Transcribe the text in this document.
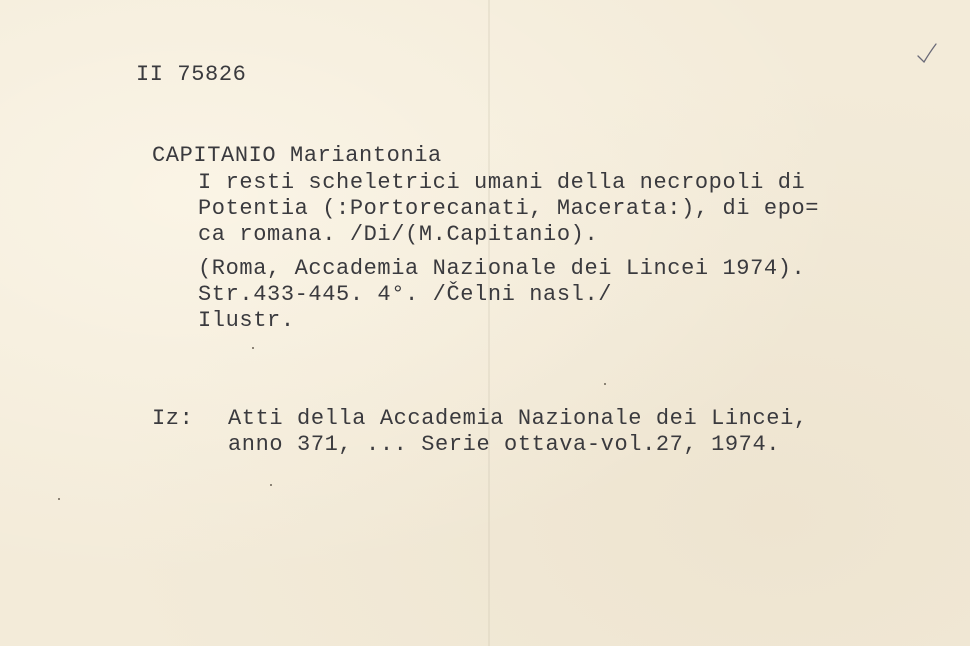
II 75826
CAPITANIO Mariantonia
I resti scheletrici umani della necropoli di
Potentia (:Portorecanati, Macerata:), di epo=
ca romana. /Di/(M.Capitanio).
(Roma, Accademia Nazionale dei Lincei 1974).
Str.433-445. 4°. /Čelni nasl./
Ilustr.
Iz: Atti della Accademia Nazionale dei Lincei,
anno 371, ... Serie ottava-vol.27, 1974.
